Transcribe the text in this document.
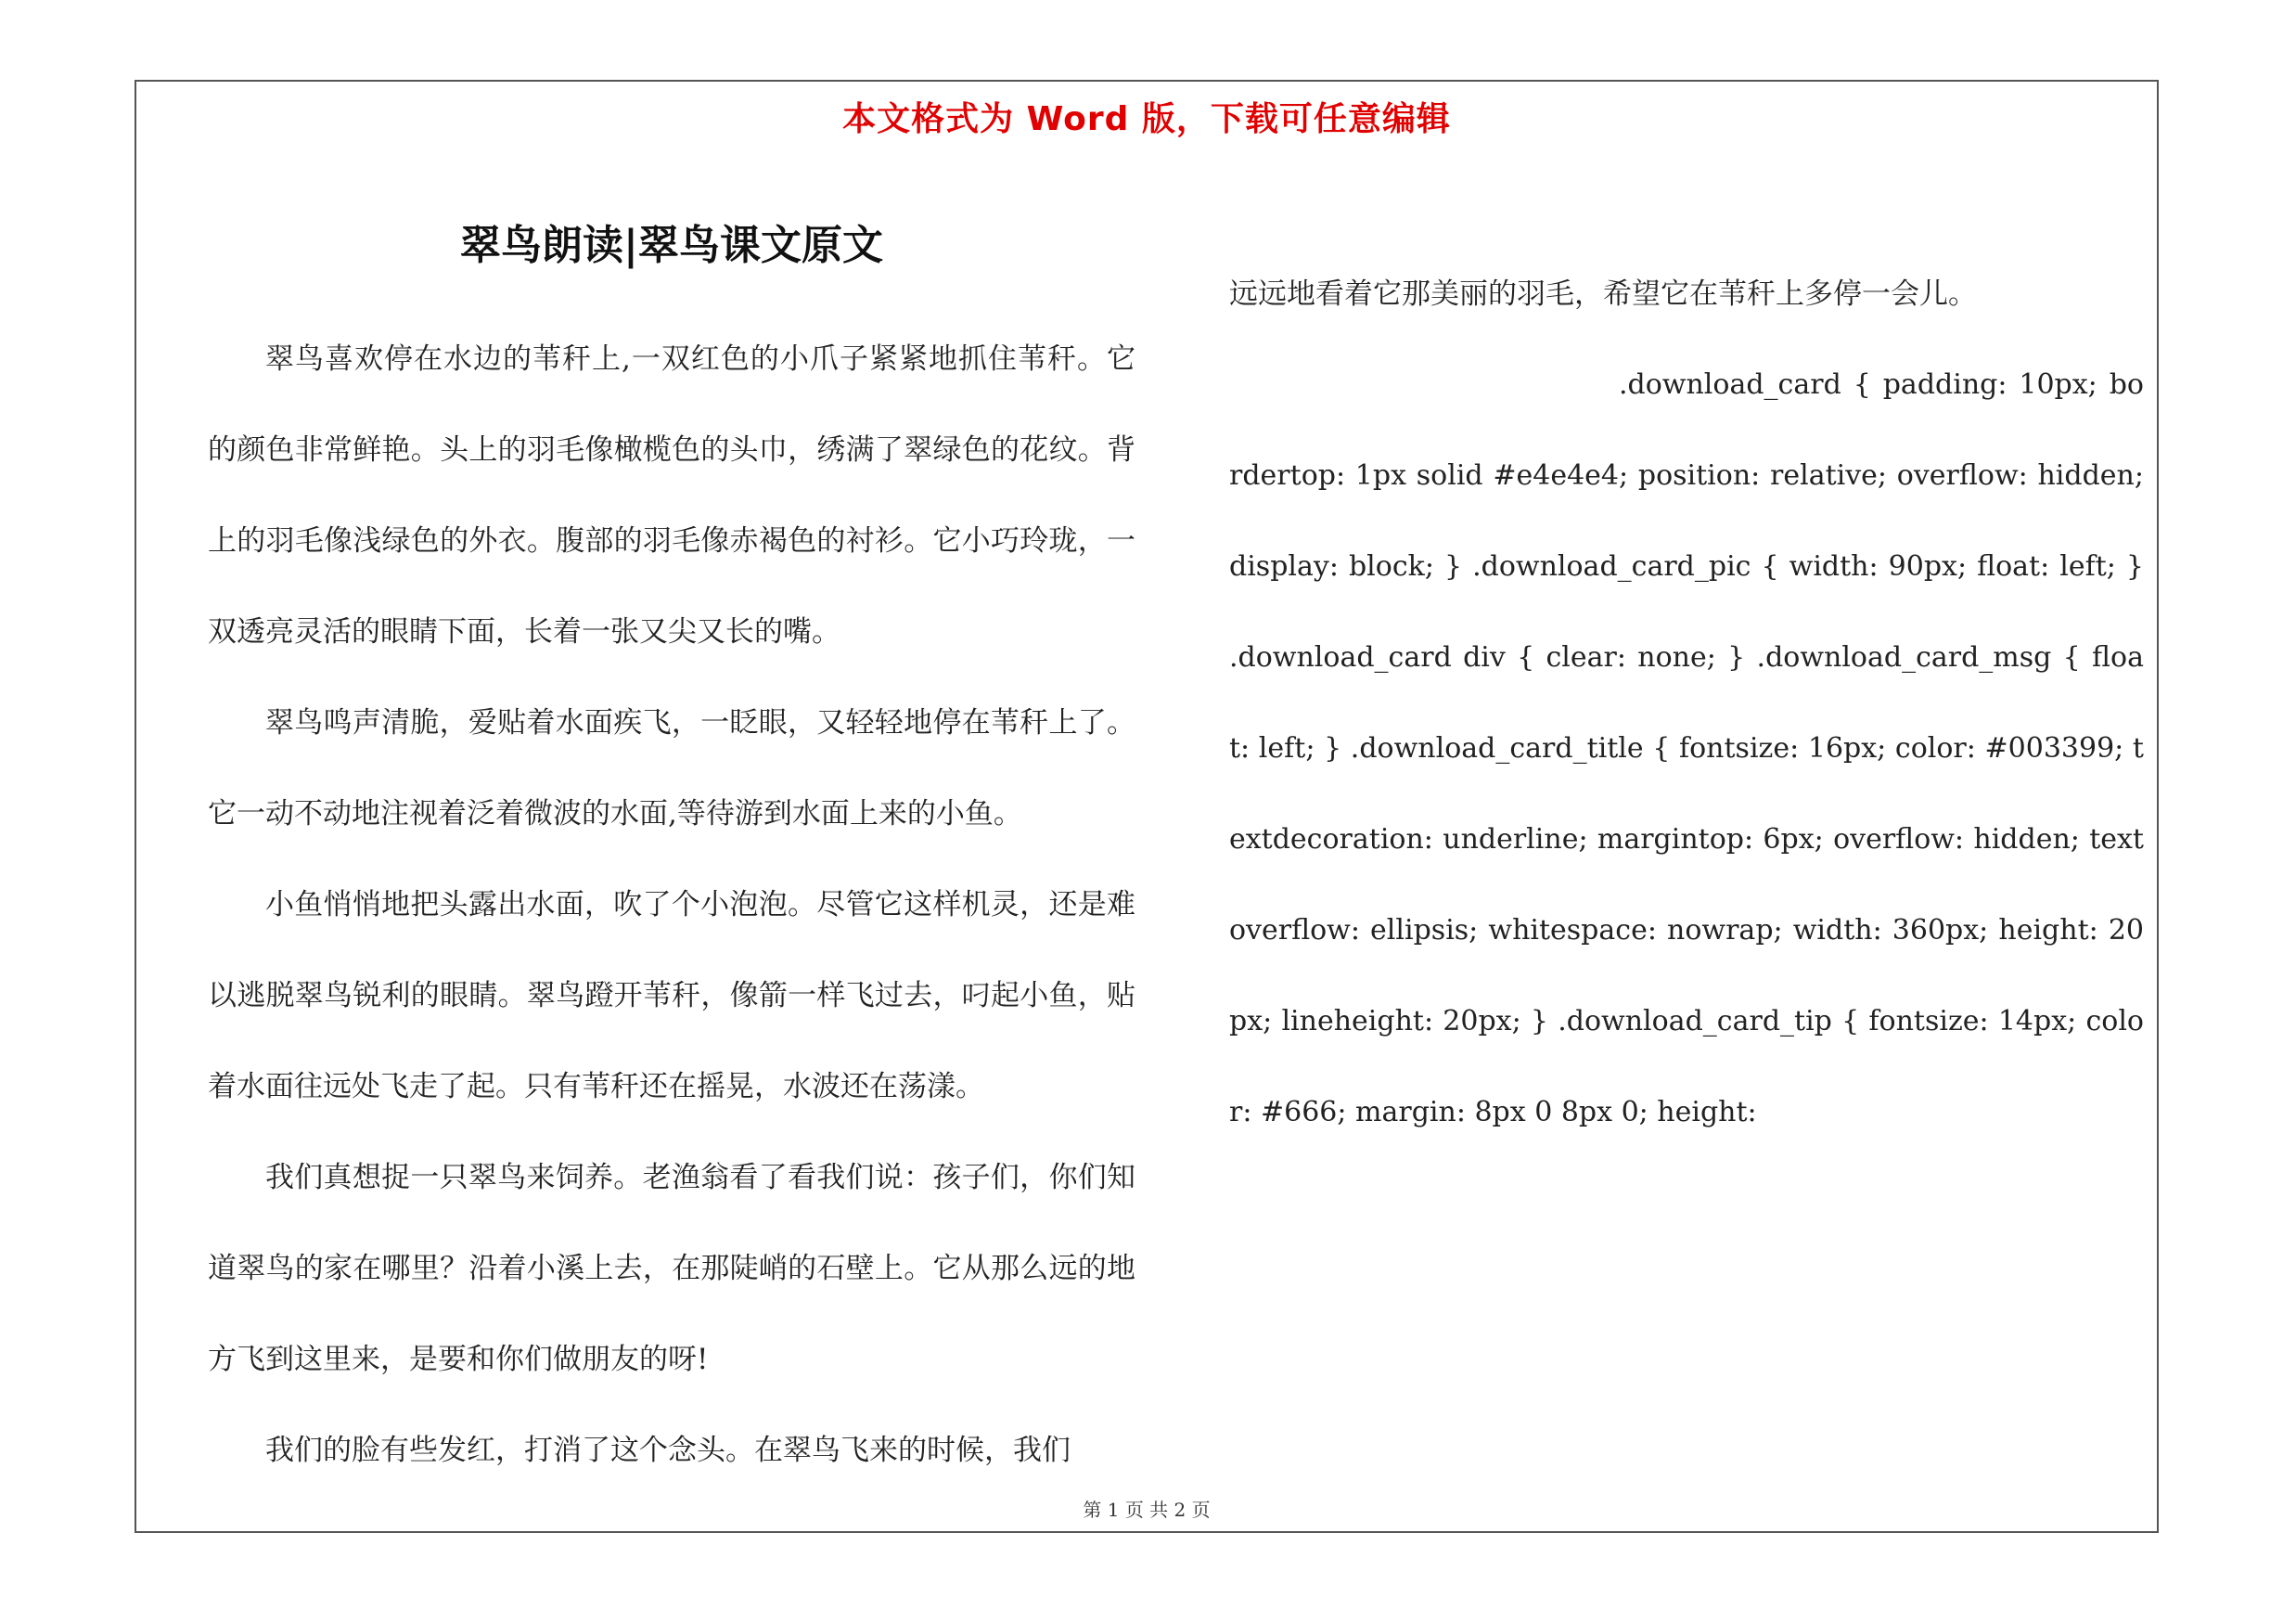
本文格式为 Word 版，下载可任意编辑
翠鸟朗读|翠鸟课文原文

翠鸟喜欢停在水边的苇秆上,一双红色的小爪子紧紧地抓住苇秆。它的颜色非常鲜艳。头上的羽毛像橄榄色的头巾，绣满了翠绿色的花纹。背上的羽毛像浅绿色的外衣。腹部的羽毛像赤褐色的衬衫。它小巧玲珑，一双透亮灵活的眼睛下面，长着一张又尖又长的嘴。

翠鸟鸣声清脆，爱贴着水面疾飞，一眨眼，又轻轻地停在苇秆上了。它一动不动地注视着泛着微波的水面,等待游到水面上来的小鱼。

小鱼悄悄地把头露出水面，吹了个小泡泡。尽管它这样机灵，还是难以逃脱翠鸟锐利的眼睛。翠鸟蹬开苇秆，像箭一样飞过去，叼起小鱼，贴着水面往远处飞走了起。只有苇秆还在摇晃，水波还在荡漾。

我们真想捉一只翠鸟来饲养。老渔翁看了看我们说：孩子们，你们知道翠鸟的家在哪里？沿着小溪上去，在那陡峭的石壁上。它从那么远的地方飞到这里来，是要和你们做朋友的呀!

我们的脸有些发红，打消了这个念头。在翠鸟飞来的时候，我们

远远地看着它那美丽的羽毛，希望它在苇秆上多停一会儿。

.download_card { padding: 10px; bordertop: 1px solid #e4e4e4; position: relative; overflow: hidden; display: block; } .download_card_pic { width: 90px; float: left; } .download_card div { clear: none; } .download_card_msg { float: left; } .download_card_title { fontsize: 16px; color: #003399; textdecoration: underline; margintop: 6px; overflow: hidden; textoverflow: ellipsis; whitespace: nowrap; width: 360px; height: 20px; lineheight: 20px; } .download_card_tip { fontsize: 14px; color: #666; margin: 8px 0 8px 0; height:

第 1 页 共 2 页
